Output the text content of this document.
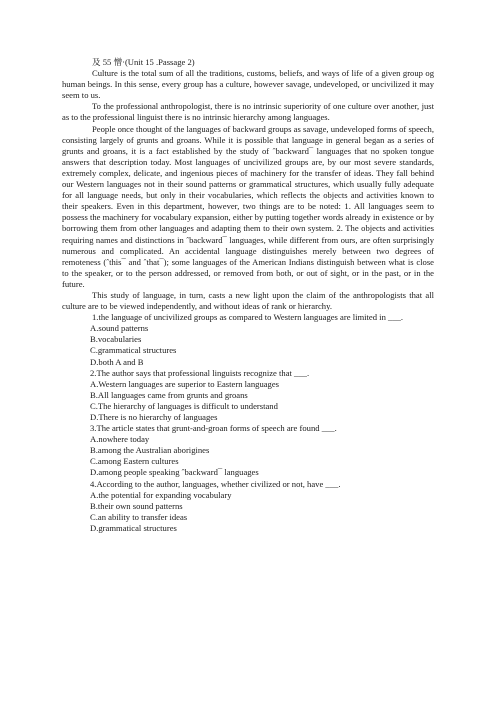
及 55 憎·(Unit 15 .Passage 2)

Culture is the total sum of all the traditions, customs, beliefs, and ways of life of a given group og human beings. In this sense, every group has a culture, however savage, undeveloped, or uncivilized it may seem to us.

To the professional anthropologist, there is no intrinsic superiority of one culture over another, just as to the professional linguist there is no intrinsic hierarchy among languages.

People once thought of the languages of backward groups as savage, undeveloped forms of speech, consisting largely of grunts and groans. While it is possible that language in general began as a series of grunts and groans, it is a fact established by the study of ˆbackward¯ languages that no spoken tongue answers that description today. Most languages of uncivilized groups are, by our most severe standards, extremely complex, delicate, and ingenious pieces of machinery for the transfer of ideas. They fall behind our Western languages not in their sound patterns or grammatical structures, which usually fully adequate for all language needs, but only in their vocabularies, which reflects the objects and activities known to their speakers. Even in this department, however, two things are to be noted: 1. All languages seem to possess the machinery for vocabulary expansion, either by putting together words already in existence or by borrowing them from other languages and adapting them to their own system. 2. The objects and activities requiring names and distinctions in ˆbackward¯ languages, while different from ours, are often surprisingly numerous and complicated. An accidental language distinguishes merely between two degrees of remoteness (ˆthis¯ and ˆthat¯); some languages of the American Indians distinguish between what is close to the speaker, or to the person addressed, or removed from both, or out of sight, or in the past, or in the future.

This study of language, in turn, casts a new light upon the claim of the anthropologists that all culture are to be viewed independently, and without ideas of rank or hierarchy.

1.the language of uncivilized groups as compared to Western languages are limited in ___.

A.sound patterns
B.vocabularies
C.grammatical structures
D.both A and B

2.The author says that professional linguists recognize that ___.

A.Western languages are superior to Eastern languages
B.All languages came from grunts and groans
C.The hierarchy of languages is difficult to understand
D.There is no hierarchy of languages

3.The article states that grunt-and-groan forms of speech are found ___.

A.nowhere today
B.among the Australian aborigines
C.among Eastern cultures
D.among people speaking ˆbackward¯ languages

4.According to the author, languages, whether civilized or not, have ___.

A.the potential for expanding vocabulary
B.their own sound patterns
C.an ability to transfer ideas
D.grammatical structures
